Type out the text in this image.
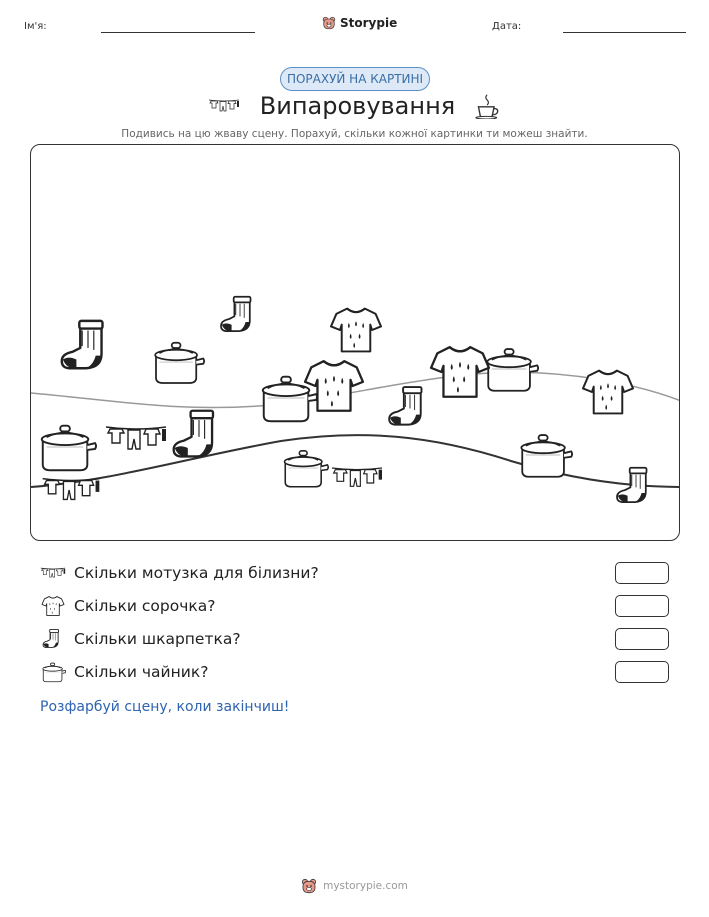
Ім'я:	Storypie	Дата:
ПОРАХУЙ НА КАРТИНІ
Випаровування
Подивись на цю жваву сцену. Порахуй, скільки кожної картинки ти можеш знайти.
Скільки мотузка для білизни?
Скільки сорочка?
Скільки шкарпетка?
Скільки чайник?
Розфарбуй сцену, коли закінчиш!
mystorypie.com
